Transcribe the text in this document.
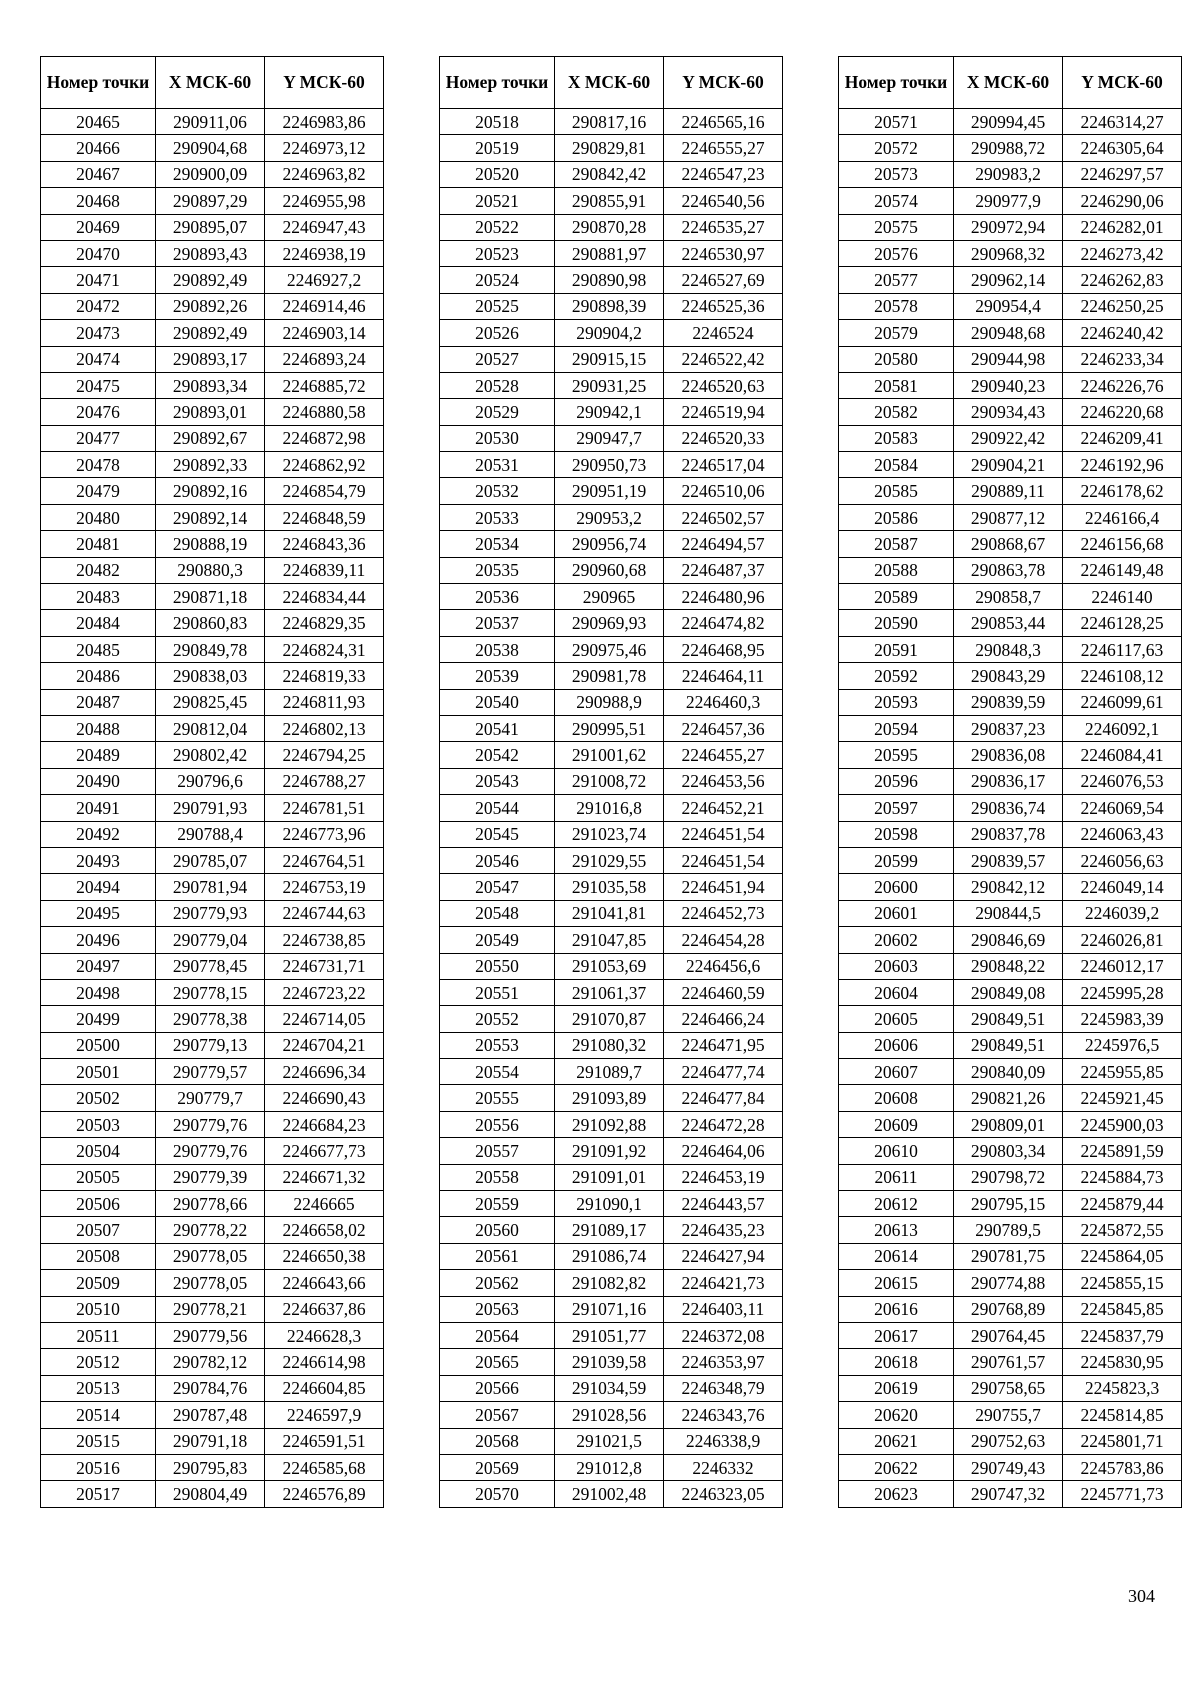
Номер точки	X МСК-60	Y МСК-60
20465	290911,06	2246983,86
20466	290904,68	2246973,12
20467	290900,09	2246963,82
20468	290897,29	2246955,98
20469	290895,07	2246947,43
20470	290893,43	2246938,19
20471	290892,49	2246927,2
20472	290892,26	2246914,46
20473	290892,49	2246903,14
20474	290893,17	2246893,24
20475	290893,34	2246885,72
20476	290893,01	2246880,58
20477	290892,67	2246872,98
20478	290892,33	2246862,92
20479	290892,16	2246854,79
20480	290892,14	2246848,59
20481	290888,19	2246843,36
20482	290880,3	2246839,11
20483	290871,18	2246834,44
20484	290860,83	2246829,35
20485	290849,78	2246824,31
20486	290838,03	2246819,33
20487	290825,45	2246811,93
20488	290812,04	2246802,13
20489	290802,42	2246794,25
20490	290796,6	2246788,27
20491	290791,93	2246781,51
20492	290788,4	2246773,96
20493	290785,07	2246764,51
20494	290781,94	2246753,19
20495	290779,93	2246744,63
20496	290779,04	2246738,85
20497	290778,45	2246731,71
20498	290778,15	2246723,22
20499	290778,38	2246714,05
20500	290779,13	2246704,21
20501	290779,57	2246696,34
20502	290779,7	2246690,43
20503	290779,76	2246684,23
20504	290779,76	2246677,73
20505	290779,39	2246671,32
20506	290778,66	2246665
20507	290778,22	2246658,02
20508	290778,05	2246650,38
20509	290778,05	2246643,66
20510	290778,21	2246637,86
20511	290779,56	2246628,3
20512	290782,12	2246614,98
20513	290784,76	2246604,85
20514	290787,48	2246597,9
20515	290791,18	2246591,51
20516	290795,83	2246585,68
20517	290804,49	2246576,89
Номер точки	X МСК-60	Y МСК-60
20518	290817,16	2246565,16
20519	290829,81	2246555,27
20520	290842,42	2246547,23
20521	290855,91	2246540,56
20522	290870,28	2246535,27
20523	290881,97	2246530,97
20524	290890,98	2246527,69
20525	290898,39	2246525,36
20526	290904,2	2246524
20527	290915,15	2246522,42
20528	290931,25	2246520,63
20529	290942,1	2246519,94
20530	290947,7	2246520,33
20531	290950,73	2246517,04
20532	290951,19	2246510,06
20533	290953,2	2246502,57
20534	290956,74	2246494,57
20535	290960,68	2246487,37
20536	290965	2246480,96
20537	290969,93	2246474,82
20538	290975,46	2246468,95
20539	290981,78	2246464,11
20540	290988,9	2246460,3
20541	290995,51	2246457,36
20542	291001,62	2246455,27
20543	291008,72	2246453,56
20544	291016,8	2246452,21
20545	291023,74	2246451,54
20546	291029,55	2246451,54
20547	291035,58	2246451,94
20548	291041,81	2246452,73
20549	291047,85	2246454,28
20550	291053,69	2246456,6
20551	291061,37	2246460,59
20552	291070,87	2246466,24
20553	291080,32	2246471,95
20554	291089,7	2246477,74
20555	291093,89	2246477,84
20556	291092,88	2246472,28
20557	291091,92	2246464,06
20558	291091,01	2246453,19
20559	291090,1	2246443,57
20560	291089,17	2246435,23
20561	291086,74	2246427,94
20562	291082,82	2246421,73
20563	291071,16	2246403,11
20564	291051,77	2246372,08
20565	291039,58	2246353,97
20566	291034,59	2246348,79
20567	291028,56	2246343,76
20568	291021,5	2246338,9
20569	291012,8	2246332
20570	291002,48	2246323,05
Номер точки	X МСК-60	Y МСК-60
20571	290994,45	2246314,27
20572	290988,72	2246305,64
20573	290983,2	2246297,57
20574	290977,9	2246290,06
20575	290972,94	2246282,01
20576	290968,32	2246273,42
20577	290962,14	2246262,83
20578	290954,4	2246250,25
20579	290948,68	2246240,42
20580	290944,98	2246233,34
20581	290940,23	2246226,76
20582	290934,43	2246220,68
20583	290922,42	2246209,41
20584	290904,21	2246192,96
20585	290889,11	2246178,62
20586	290877,12	2246166,4
20587	290868,67	2246156,68
20588	290863,78	2246149,48
20589	290858,7	2246140
20590	290853,44	2246128,25
20591	290848,3	2246117,63
20592	290843,29	2246108,12
20593	290839,59	2246099,61
20594	290837,23	2246092,1
20595	290836,08	2246084,41
20596	290836,17	2246076,53
20597	290836,74	2246069,54
20598	290837,78	2246063,43
20599	290839,57	2246056,63
20600	290842,12	2246049,14
20601	290844,5	2246039,2
20602	290846,69	2246026,81
20603	290848,22	2246012,17
20604	290849,08	2245995,28
20605	290849,51	2245983,39
20606	290849,51	2245976,5
20607	290840,09	2245955,85
20608	290821,26	2245921,45
20609	290809,01	2245900,03
20610	290803,34	2245891,59
20611	290798,72	2245884,73
20612	290795,15	2245879,44
20613	290789,5	2245872,55
20614	290781,75	2245864,05
20615	290774,88	2245855,15
20616	290768,89	2245845,85
20617	290764,45	2245837,79
20618	290761,57	2245830,95
20619	290758,65	2245823,3
20620	290755,7	2245814,85
20621	290752,63	2245801,71
20622	290749,43	2245783,86
20623	290747,32	2245771,73
304
